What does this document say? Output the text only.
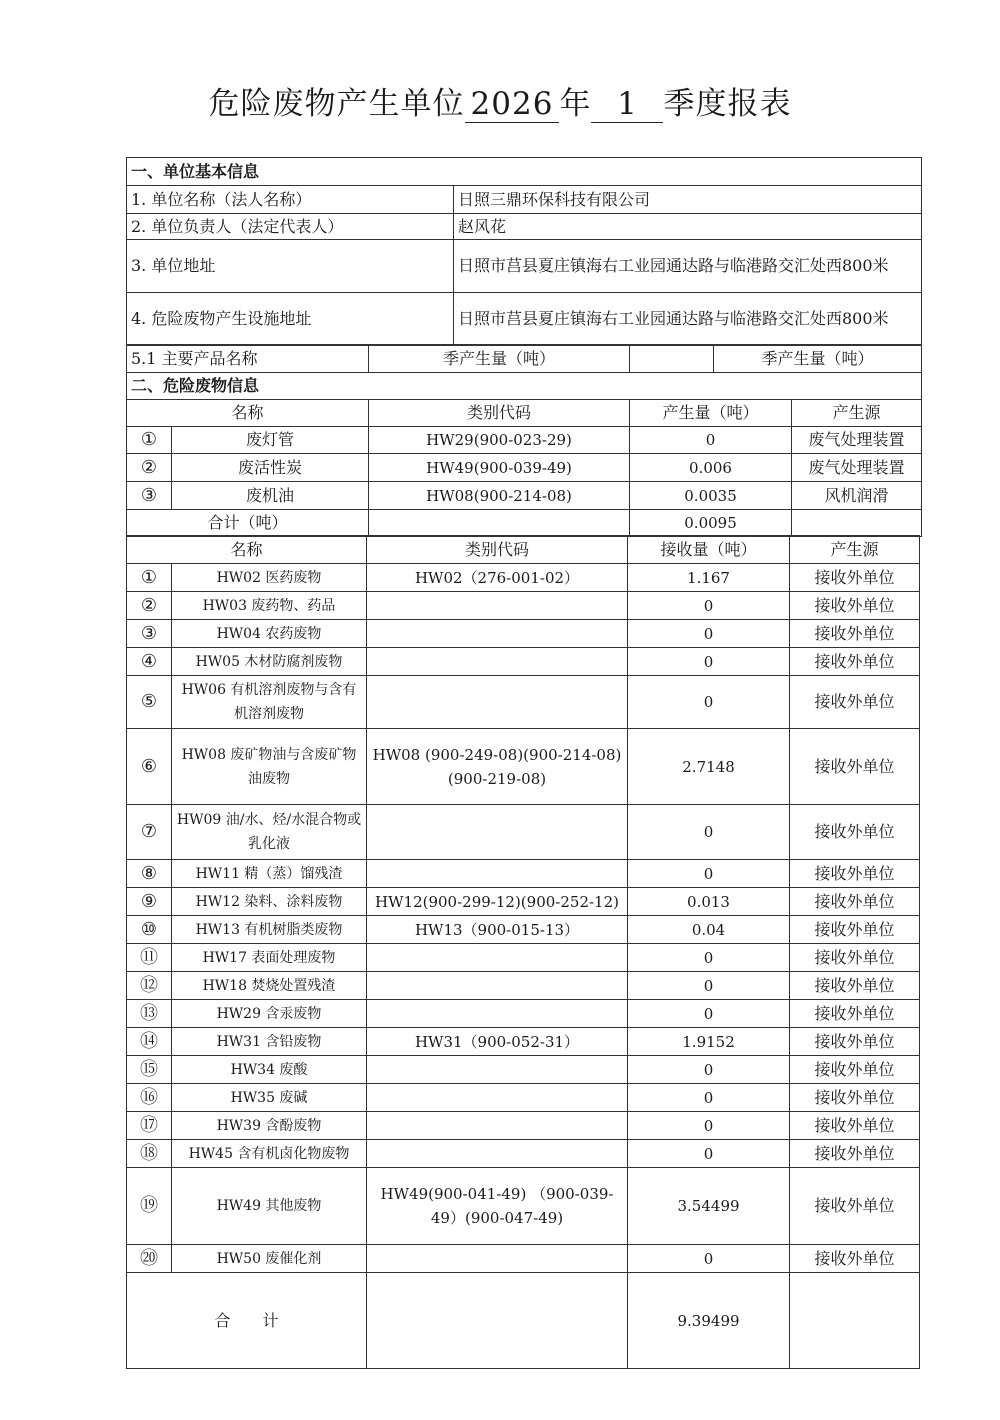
危险废物产生单位 2026 年 1 季度报表
一、单位基本信息	
1. 单位名称（法人名称）	日照三鼎环保科技有限公司
2. 单位负责人（法定代表人）	赵风花
3. 单位地址	日照市莒县夏庄镇海右工业园通达路与临港路交汇处西800米
4. 危险废物产生设施地址	日照市莒县夏庄镇海右工业园通达路与临港路交汇处西800米
5.1 主要产品名称		季产生量（吨）		季产生量（吨）	
二、危险废物信息					
名称		类别代码	产生量（吨）		产生源
①	废灯管	HW29(900-023-29)	0		废气处理装置
②	废活性炭	HW49(900-039-49)	0.006		废气处理装置
③	废机油	HW08(900-214-08)	0.0035		风机润滑
合计（吨）			0.0095		
名称		类别代码	接收量（吨）	产生源
①	HW02 医药废物	HW02（276-001-02）	1.167	接收外单位
②	HW03 废药物、药品		0	接收外单位
③	HW04 农药废物		0	接收外单位
④	HW05 木材防腐剂废物		0	接收外单位
⑤	HW06 有机溶剂废物与含有机溶剂废物		0	接收外单位
⑥	HW08 废矿物油与含废矿物油废物	HW08 (900-249-08)(900-214-08) (900-219-08)	2.7148	接收外单位
⑦	HW09 油/水、烃/水混合物或乳化液		0	接收外单位
⑧	HW11 精（蒸）馏残渣		0	接收外单位
⑨	HW12 染料、涂料废物	HW12(900-299-12)(900-252-12)	0.013	接收外单位
⑩	HW13 有机树脂类废物	HW13（900-015-13）	0.04	接收外单位
⑪	HW17 表面处理废物		0	接收外单位
⑫	HW18 焚烧处置残渣		0	接收外单位
⑬	HW29 含汞废物		0	接收外单位
⑭	HW31 含铅废物	HW31（900-052-31）	1.9152	接收外单位
⑮	HW34 废酸		0	接收外单位
⑯	HW35 废碱		0	接收外单位
⑰	HW39 含酚废物		0	接收外单位
⑱	HW45 含有机卤化物废物		0	接收外单位
⑲	HW49 其他废物	HW49(900-041-49) （900-039-49）(900-047-49)	3.54499	接收外单位
⑳	HW50 废催化剂		0	接收外单位
合　　计			9.39499	
